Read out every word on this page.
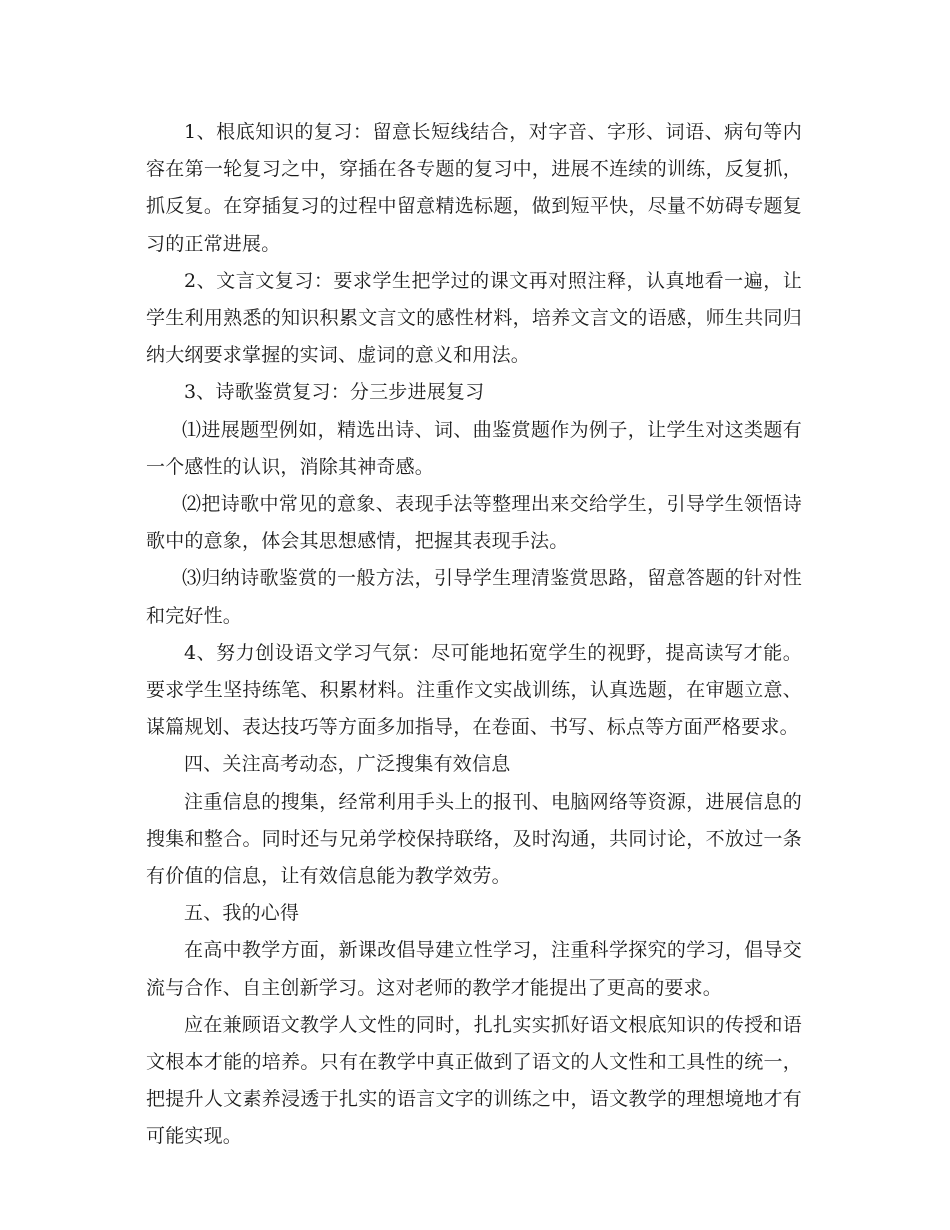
1、根底知识的复习：留意长短线结合，对字音、字形、词语、病句等内容在第一轮复习之中，穿插在各专题的复习中，进展不连续的训练，反复抓，抓反复。在穿插复习的过程中留意精选标题，做到短平快，尽量不妨碍专题复习的正常进展。

2、文言文复习：要求学生把学过的课文再对照注释，认真地看一遍，让学生利用熟悉的知识积累文言文的感性材料，培养文言文的语感，师生共同归纳大纲要求掌握的实词、虚词的意义和用法。

3、诗歌鉴赏复习：分三步进展复习

⑴进展题型例如，精选出诗、词、曲鉴赏题作为例子，让学生对这类题有一个感性的认识，消除其神奇感。

⑵把诗歌中常见的意象、表现手法等整理出来交给学生，引导学生领悟诗歌中的意象，体会其思想感情，把握其表现手法。

⑶归纳诗歌鉴赏的一般方法，引导学生理清鉴赏思路，留意答题的针对性和完好性。

4、努力创设语文学习气氛：尽可能地拓宽学生的视野，提高读写才能。要求学生坚持练笔、积累材料。注重作文实战训练，认真选题，在审题立意、谋篇规划、表达技巧等方面多加指导，在卷面、书写、标点等方面严格要求。

四、关注高考动态，广泛搜集有效信息

注重信息的搜集，经常利用手头上的报刊、电脑网络等资源，进展信息的搜集和整合。同时还与兄弟学校保持联络，及时沟通，共同讨论，不放过一条有价值的信息，让有效信息能为教学效劳。

五、我的心得

在高中教学方面，新课改倡导建立性学习，注重科学探究的学习，倡导交流与合作、自主创新学习。这对老师的教学才能提出了更高的要求。

应在兼顾语文教学人文性的同时，扎扎实实抓好语文根底知识的传授和语文根本才能的培养。只有在教学中真正做到了语文的人文性和工具性的统一，把提升人文素养浸透于扎实的语言文字的训练之中，语文教学的理想境地才有可能实现。
